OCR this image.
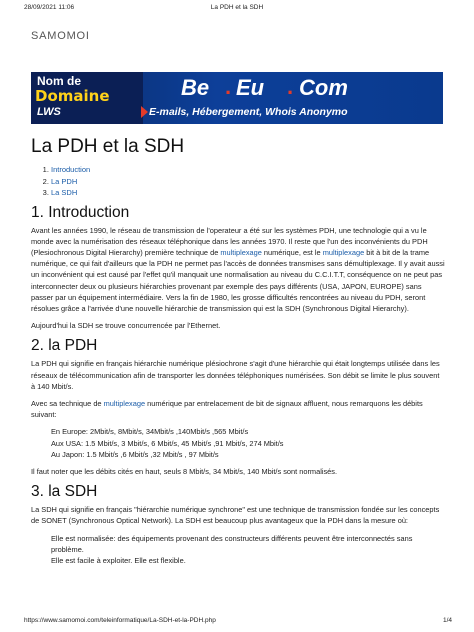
28/09/2021 11:06	La PDH et la SDH
SAMOMOI
Nom de
Domaine
LWS
Be . Eu . Com
E-mails, Hébergement, Whois Anonymo
La PDH et la SDH
1. Introduction
2. La PDH
3. La SDH
1. Introduction

Avant les années 1990, le réseau de transmission de l'operateur a été sur les systèmes PDH, une technologie qui a vu le monde avec la numérisation des réseaux téléphonique dans les années 1970. Il reste que l'un des inconvénients du PDH (Plesiochronous Digital Hierarchy) première technique de multiplexage numérique, est le multiplexage bit à bit de la trame numérique, ce qui fait d'ailleurs que la PDH ne permet pas l'accès de données transmises sans démultiplexage. Il y avait aussi un inconvénient qui est causé par l'effet qu'il manquait une normalisation au niveau du C.C.I.T.T, conséquence on ne peut pas interconnecter deux ou plusieurs hiérarchies provenant par exemple des pays différents (USA, JAPON, EUROPE) sans passer par un équipement intermédiaire. Vers la fin de 1980, les grosse difficultés rencontrées au niveau du PDH, seront résolues grâce a l'arrivée d'une nouvelle hiérarchie de transmission qui est la SDH (Synchronous Digital Hierarchy).

Aujourd'hui la SDH se trouve concurrencée par l'Ethernet.

2. la PDH

La PDH qui signifie en français hiérarchie numérique plésiochrone s'agit d'une hiérarchie qui était longtemps utilisée dans les réseaux de télécommunication afin de transporter les données téléphoniques numérisées. Son débit se limite le plus souvent à 140 Mbit/s.

Avec sa technique de multiplexage numérique par entrelacement de bit de signaux affluent, nous remarquons les débits suivant:

En Europe: 2Mbit/s, 8Mbit/s, 34Mbit/s ,140Mbit/s ,565 Mbit/s
Aux USA: 1.5 Mbit/s, 3 Mbit/s, 6 Mbit/s, 45 Mbit/s ,91 Mbit/s, 274 Mbit/s
Au Japon: 1.5 Mbit/s ,6 Mbit/s ,32 Mbit/s , 97 Mbit/s

Il faut noter que les débits cités en haut, seuls 8 Mbit/s, 34 Mbit/s, 140 Mbit/s sont normalisés.

3. la SDH

La SDH qui signifie en français "hiérarchie numérique synchrone" est une technique de transmission fondée sur les concepts de SONET (Synchronous Optical Network). La SDH est beaucoup plus avantageux que la PDH dans la mesure où:

Elle est normalisée: des équipements provenant des constructeurs différents peuvent être interconnectés sans problème.
Elle est facile à exploiter. Elle est flexible.
https://www.samomoi.com/teleinformatique/La-SDH-et-la-PDH.php	1/4
